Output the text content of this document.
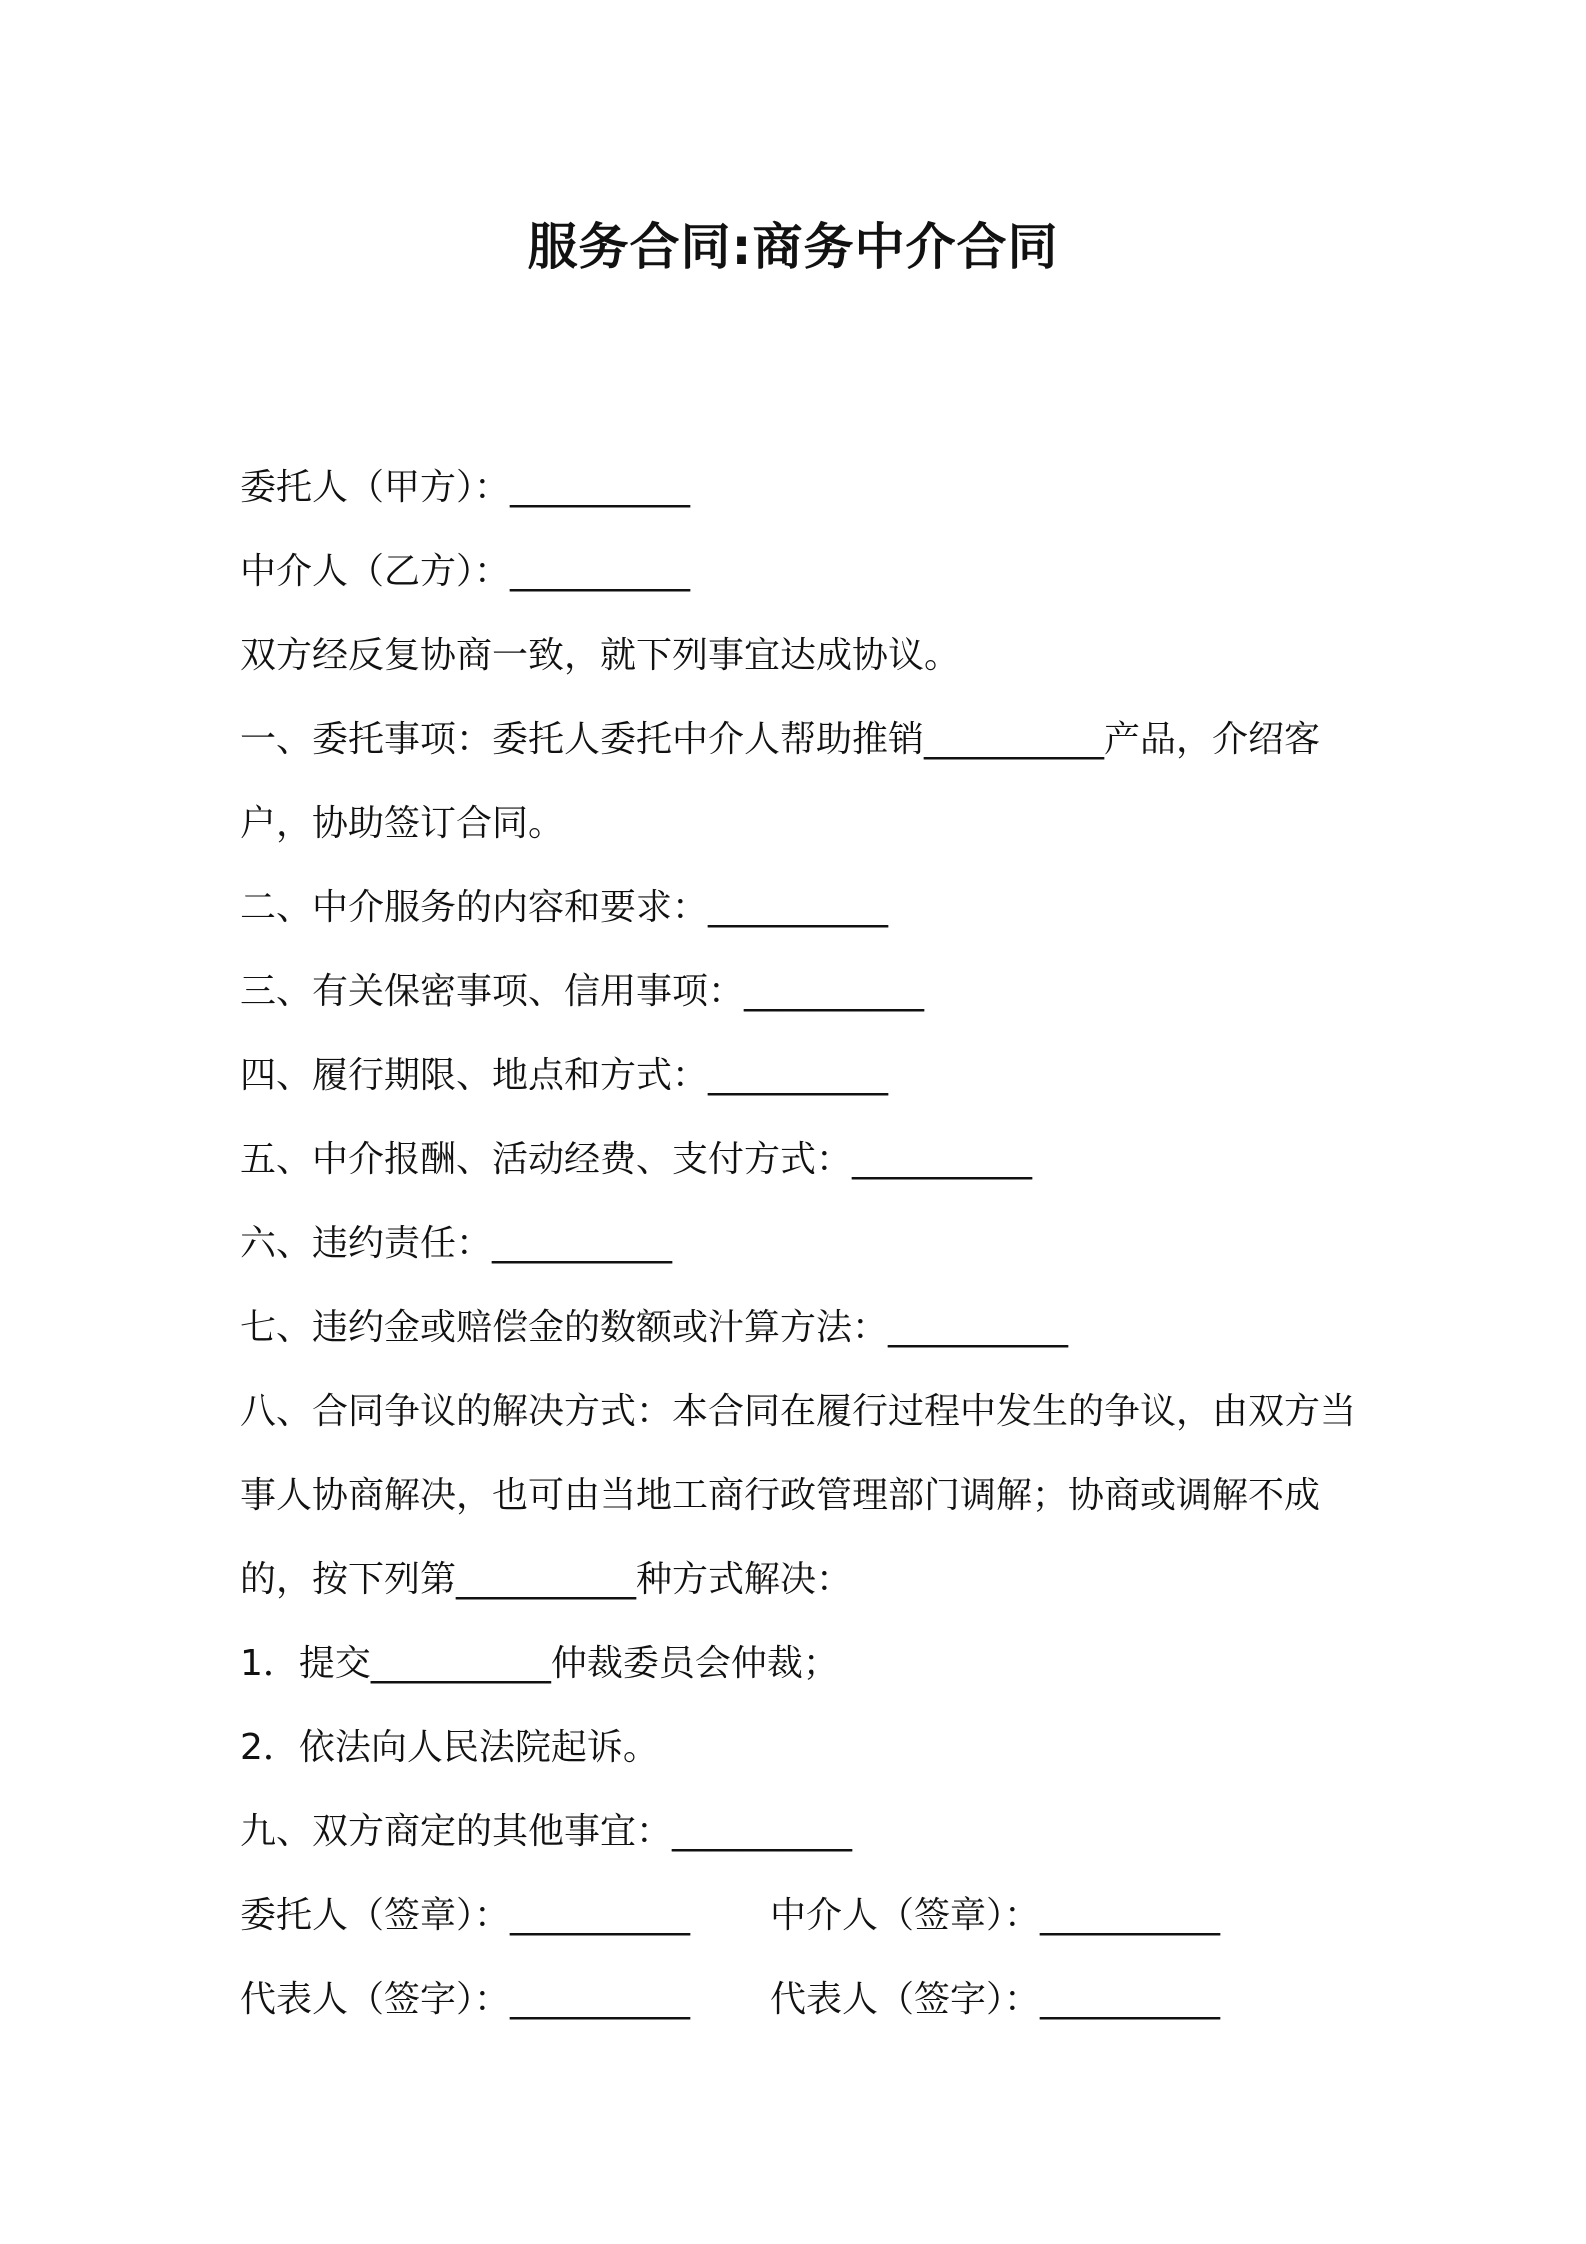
服务合同:商务中介合同
委托人（甲方）：__________
中介人（乙方）：__________
双方经反复协商一致，就下列事宜达成协议。
一、委托事项：委托人委托中介人帮助推销__________产品，介绍客户，协助签订合同。
二、中介服务的内容和要求：__________
三、有关保密事项、信用事项：__________
四、履行期限、地点和方式：__________
五、中介报酬、活动经费、支付方式：__________
六、违约责任：__________
七、违约金或赔偿金的数额或汁算方法：__________
八、合同争议的解决方式：本合同在履行过程中发生的争议，由双方当事人协商解决，也可由当地工商行政管理部门调解；协商或调解不成的，按下列第__________种方式解决：
1．提交__________仲裁委员会仲裁；
2．依法向人民法院起诉。
九、双方商定的其他事宜：__________
委托人（签章）：__________	中介人（签章）：__________
代表人（签字）：__________	代表人（签字）：__________
